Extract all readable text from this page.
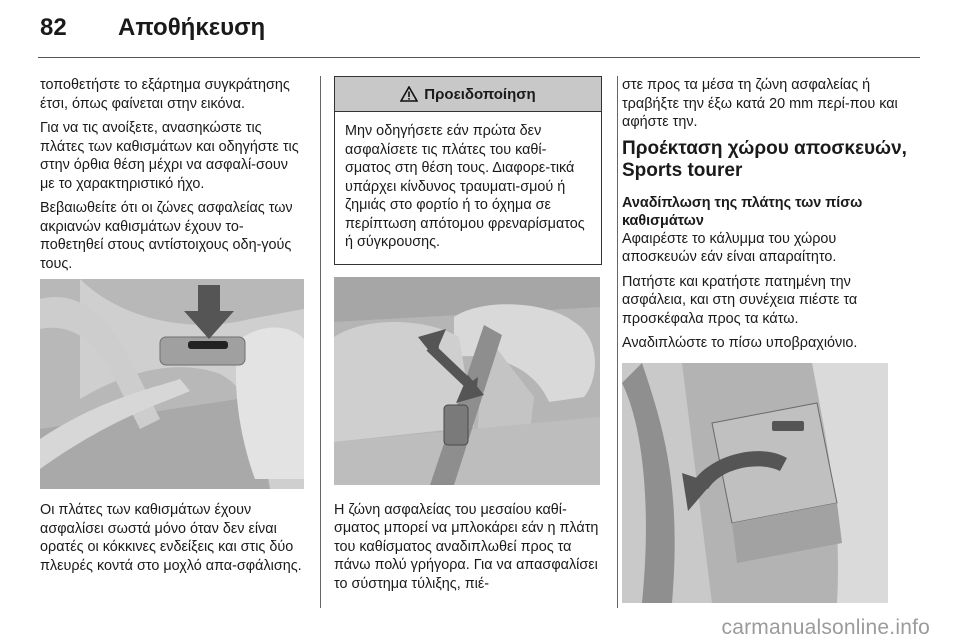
82 Αποθήκευση

τοποθετήστε το εξάρτημα συγκράτησης έτσι, όπως φαίνεται στην εικόνα.

Για να τις ανοίξετε, ανασηκώστε τις πλάτες των καθισμάτων και οδηγήστε τις στην όρθια θέση μέχρι να ασφαλί-σουν με το χαρακτηριστικό ήχο.

Βεβαιωθείτε ότι οι ζώνες ασφαλείας των ακριανών καθισμάτων έχουν το-ποθετηθεί στους αντίστοιχους οδη-γούς τους.

Οι πλάτες των καθισμάτων έχουν ασφαλίσει σωστά μόνο όταν δεν είναι ορατές οι κόκκινες ενδείξεις και στις δύο πλευρές κοντά στο μοχλό απα-σφάλισης.

Προειδοποίηση

Μην οδηγήσετε εάν πρώτα δεν ασφαλίσετε τις πλάτες του καθί-σματος στη θέση τους. Διαφορε-τικά υπάρχει κίνδυνος τραυματι-σμού ή ζημιάς στο φορτίο ή το όχημα σε περίπτωση απότομου φρεναρίσματος ή σύγκρουσης.

Η ζώνη ασφαλείας του μεσαίου καθί-σματος μπορεί να μπλοκάρει εάν η πλάτη του καθίσματος αναδιπλωθεί προς τα πάνω πολύ γρήγορα. Για να απασφαλίσει το σύστημα τύλιξης, πιέ-

στε προς τα μέσα τη ζώνη ασφαλείας ή τραβήξτε την έξω κατά 20 mm περί-που και αφήστε την.

Προέκταση χώρου αποσκευών, Sports tourer
Αναδίπλωση της πλάτης των πίσω καθισμάτων

Αφαιρέστε το κάλυμμα του χώρου αποσκευών εάν είναι απαραίτητο.

Πατήστε και κρατήστε πατημένη την ασφάλεια, και στη συνέχεια πιέστε τα προσκέφαλα προς τα κάτω.

Αναδιπλώστε το πίσω υποβραχιόνιο.

carmanualsonline.info
